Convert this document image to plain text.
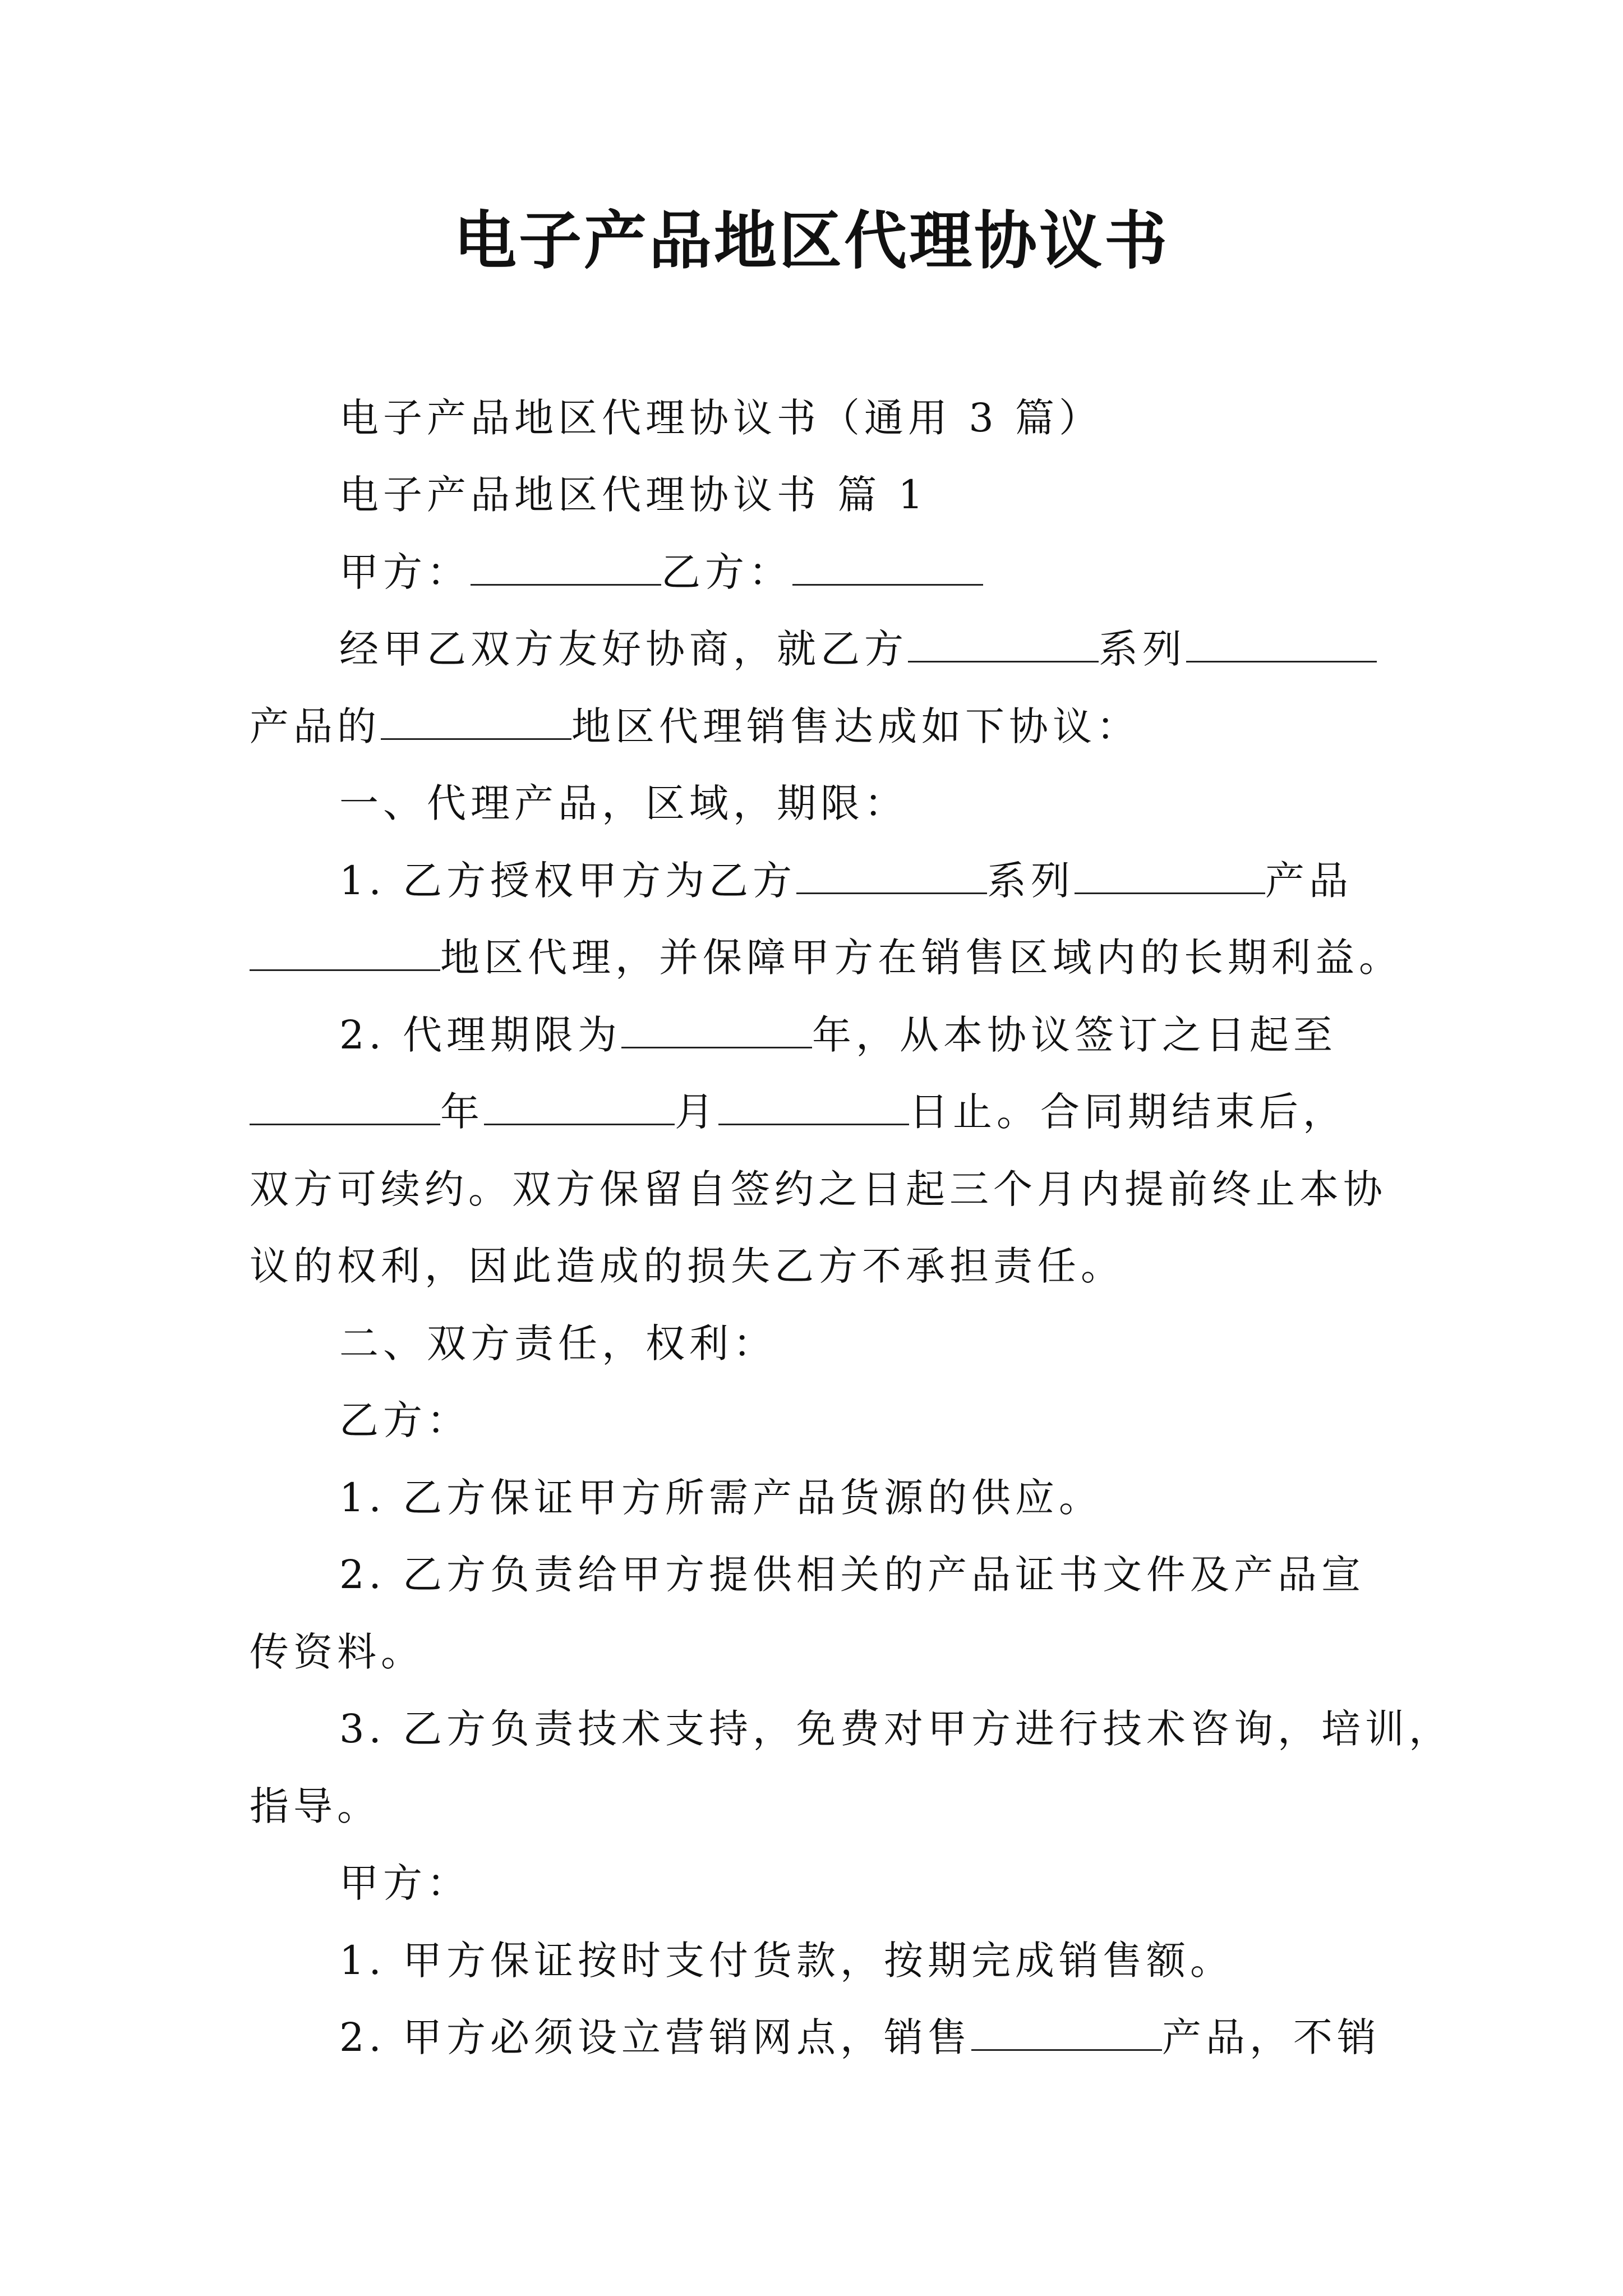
电子产品地区代理协议书

电子产品地区代理协议书（通用 3 篇）

电子产品地区代理协议书 篇 1

甲方：	乙方：

经甲乙双方友好协商，就乙方	系列

产品的	地区代理销售达成如下协议：

一、代理产品，区域，期限：

1. 乙方授权甲方为乙方	系列	产品

地区代理，并保障甲方在销售区域内的长期利益。

2. 代理期限为	年，从本协议签订之日起至

年	月	日止。合同期结束后，

双方可续约。双方保留自签约之日起三个月内提前终止本协

议的权利，因此造成的损失乙方不承担责任。

二、双方责任，权利：

乙方：

1. 乙方保证甲方所需产品货源的供应。

2. 乙方负责给甲方提供相关的产品证书文件及产品宣

传资料。

3. 乙方负责技术支持，免费对甲方进行技术咨询，培训，

指导。

甲方：

1. 甲方保证按时支付货款，按期完成销售额。

2. 甲方必须设立营销网点，销售	产品，不销
